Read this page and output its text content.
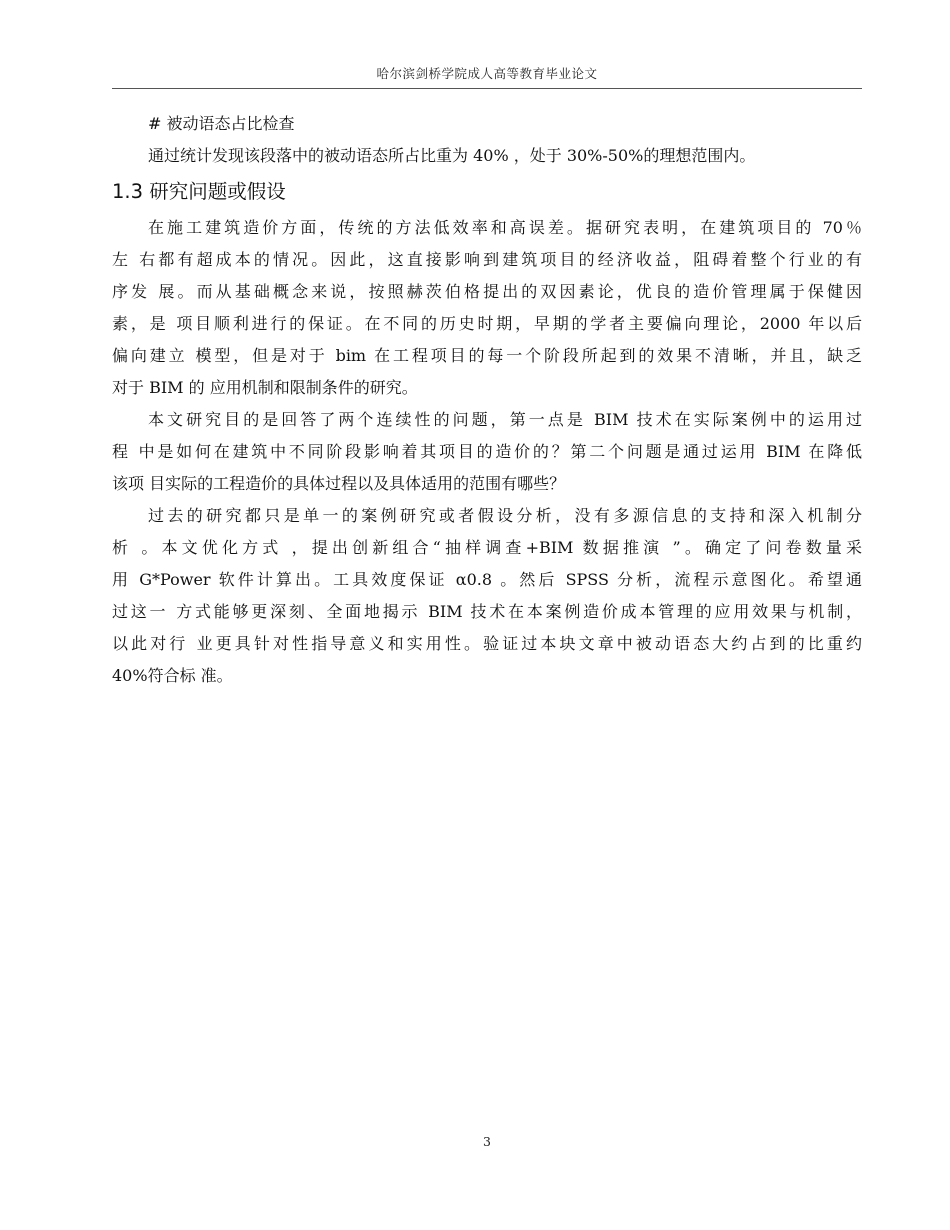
哈尔滨剑桥学院成人高等教育毕业论文
# 被动语态占比检查
通过统计发现该段落中的被动语态所占比重为 40% ，处于 30%-50%的理想范围内。
1.3 研究问题或假设
在施工建筑造价方面，传统的方法低效率和高误差。据研究表明，在建筑项目的 70％
左 右都有超成本的情况。因此，这直接影响到建筑项目的经济收益，阻碍着整个行业的有
序发 展。而从基础概念来说，按照赫茨伯格提出的双因素论，优良的造价管理属于保健因
素，是 项目顺利进行的保证。在不同的历史时期，早期的学者主要偏向理论，2000 年以后
偏向建立 模型，但是对于 bim 在工程项目的每一个阶段所起到的效果不清晰，并且，缺乏
对于 BIM 的 应用机制和限制条件的研究。
本文研究目的是回答了两个连续性的问题，第一点是 BIM 技术在实际案例中的运用过
程 中是如何在建筑中不同阶段影响着其项目的造价的？第二个问题是通过运用 BIM 在降低
该项 目实际的工程造价的具体过程以及具体适用的范围有哪些？
过去的研究都只是单一的案例研究或者假设分析，没有多源信息的支持和深入机制分
析 。本文优化方式 ，提出创新组合“抽样调查+BIM 数据推演 ”。确定了问卷数量采
用 G*Power 软件计算出。工具效度保证 α0.8 。然后 SPSS 分析，流程示意图化。希望通
过这一 方式能够更深刻、全面地揭示 BIM 技术在本案例造价成本管理的应用效果与机制，
以此对行 业更具针对性指导意义和实用性。验证过本块文章中被动语态大约占到的比重约
40%符合标 准。
3
